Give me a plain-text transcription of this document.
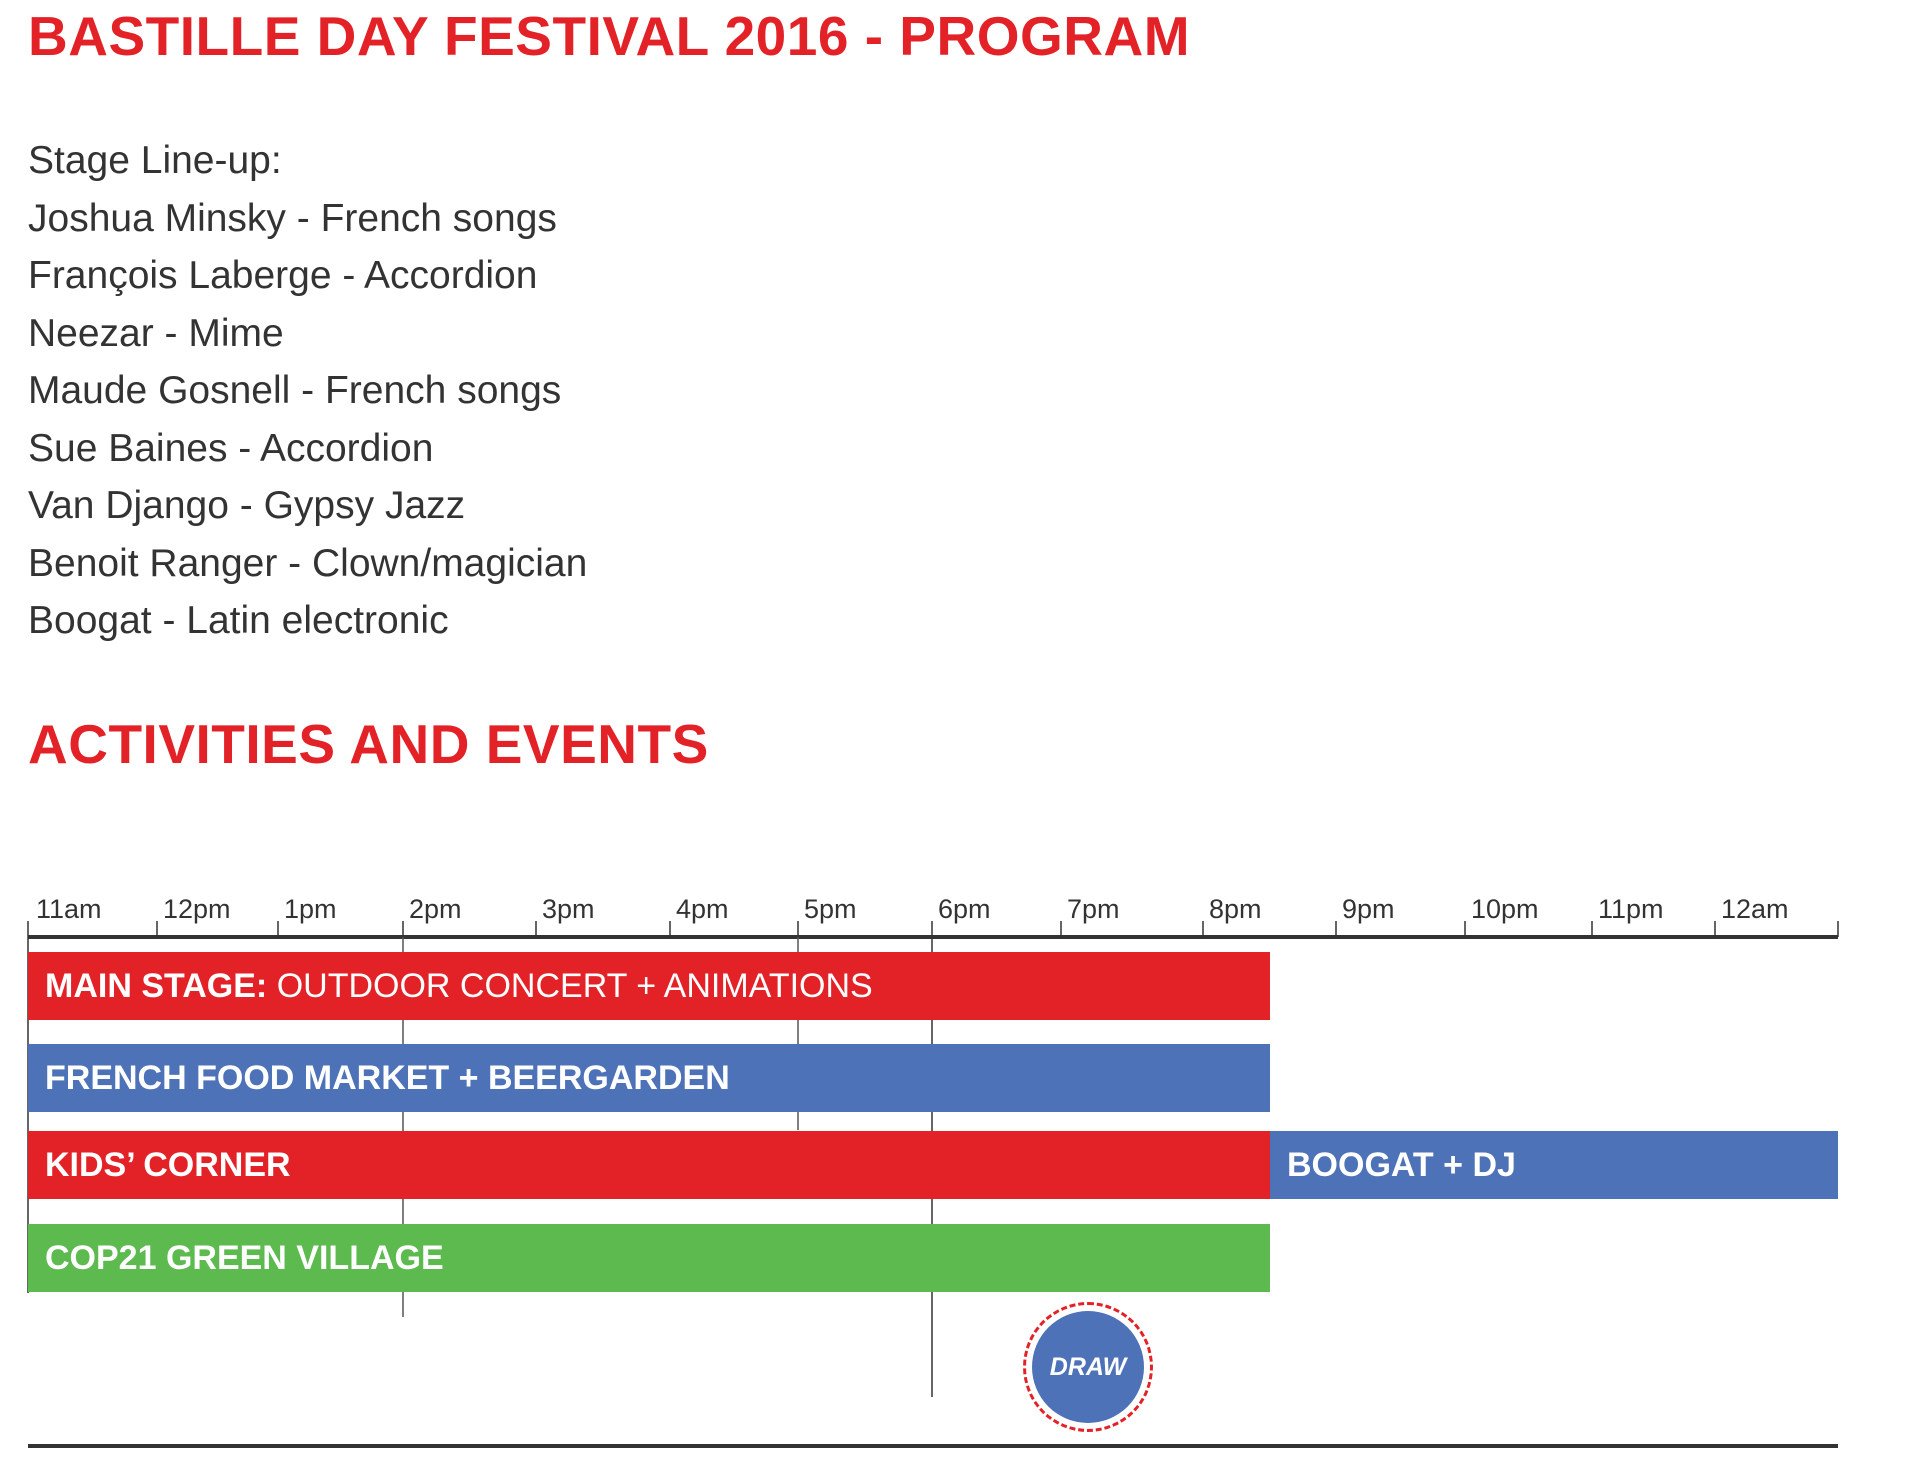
BASTILLE DAY FESTIVAL 2016 - PROGRAM
Stage Line-up:
Joshua Minsky - French songs
François Laberge - Accordion
Neezar - Mime
Maude Gosnell - French songs
Sue Baines - Accordion
Van Django - Gypsy Jazz
Benoit Ranger - Clown/magician
Boogat - Latin electronic
ACTIVITIES AND EVENTS
11am 12pm 1pm	2pm	3pm	4pm	5pm	6pm	7pm	8pm	9pm	10pm 11pm 12am
MAIN STAGE: OUTDOOR CONCERT + ANIMATIONS
FRENCH FOOD MARKET + BEERGARDEN
KIDS’ CORNER	BOOGAT + DJ
COP21 GREEN VILLAGE
DRAW
